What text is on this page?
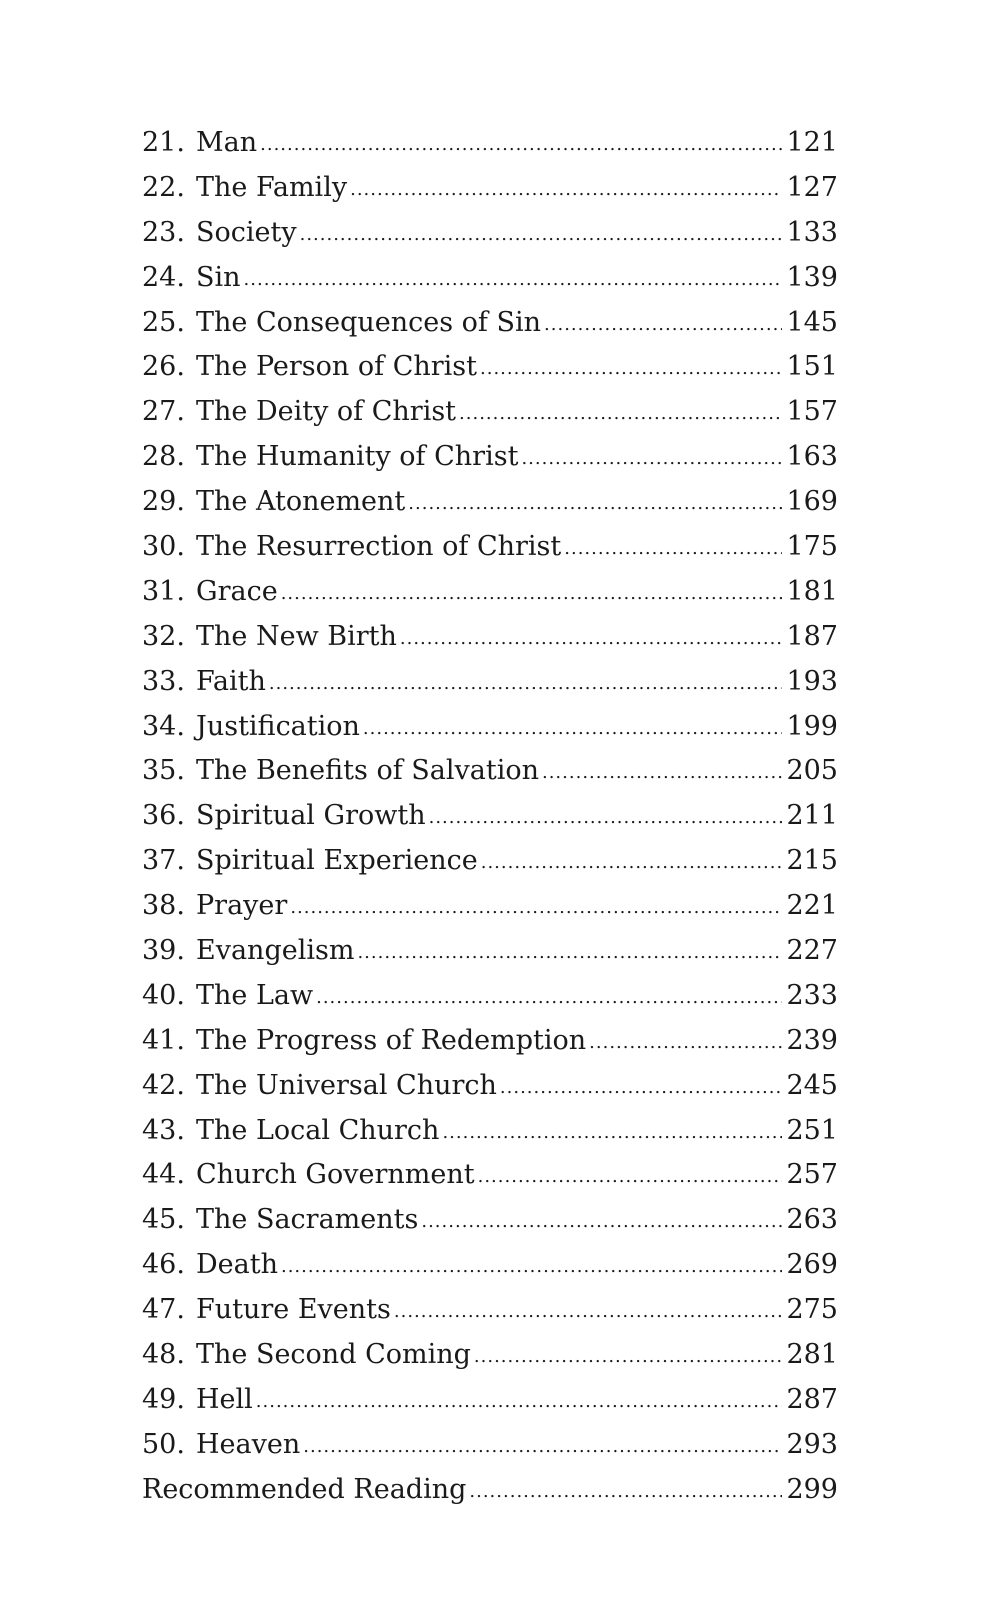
21. Man .....	121
22. The Family .....	127
23. Society .....	133
24. Sin .....	139
25. The Consequences of Sin .....	145
26. The Person of Christ .....	151
27. The Deity of Christ .....	157
28. The Humanity of Christ .....	163
29. The Atonement .....	169
30. The Resurrection of Christ .....	175
31. Grace .....	181
32. The New Birth .....	187
33. Faith .....	193
34. Justification .....	199
35. The Benefits of Salvation .....	205
36. Spiritual Growth .....	211
37. Spiritual Experience .....	215
38. Prayer .....	221
39. Evangelism .....	227
40. The Law .....	233
41. The Progress of Redemption .....	239
42. The Universal Church .....	245
43. The Local Church .....	251
44. Church Government .....	257
45. The Sacraments .....	263
46. Death .....	269
47. Future Events .....	275
48. The Second Coming .....	281
49. Hell .....	287
50. Heaven .....	293
Recommended Reading .....	299
